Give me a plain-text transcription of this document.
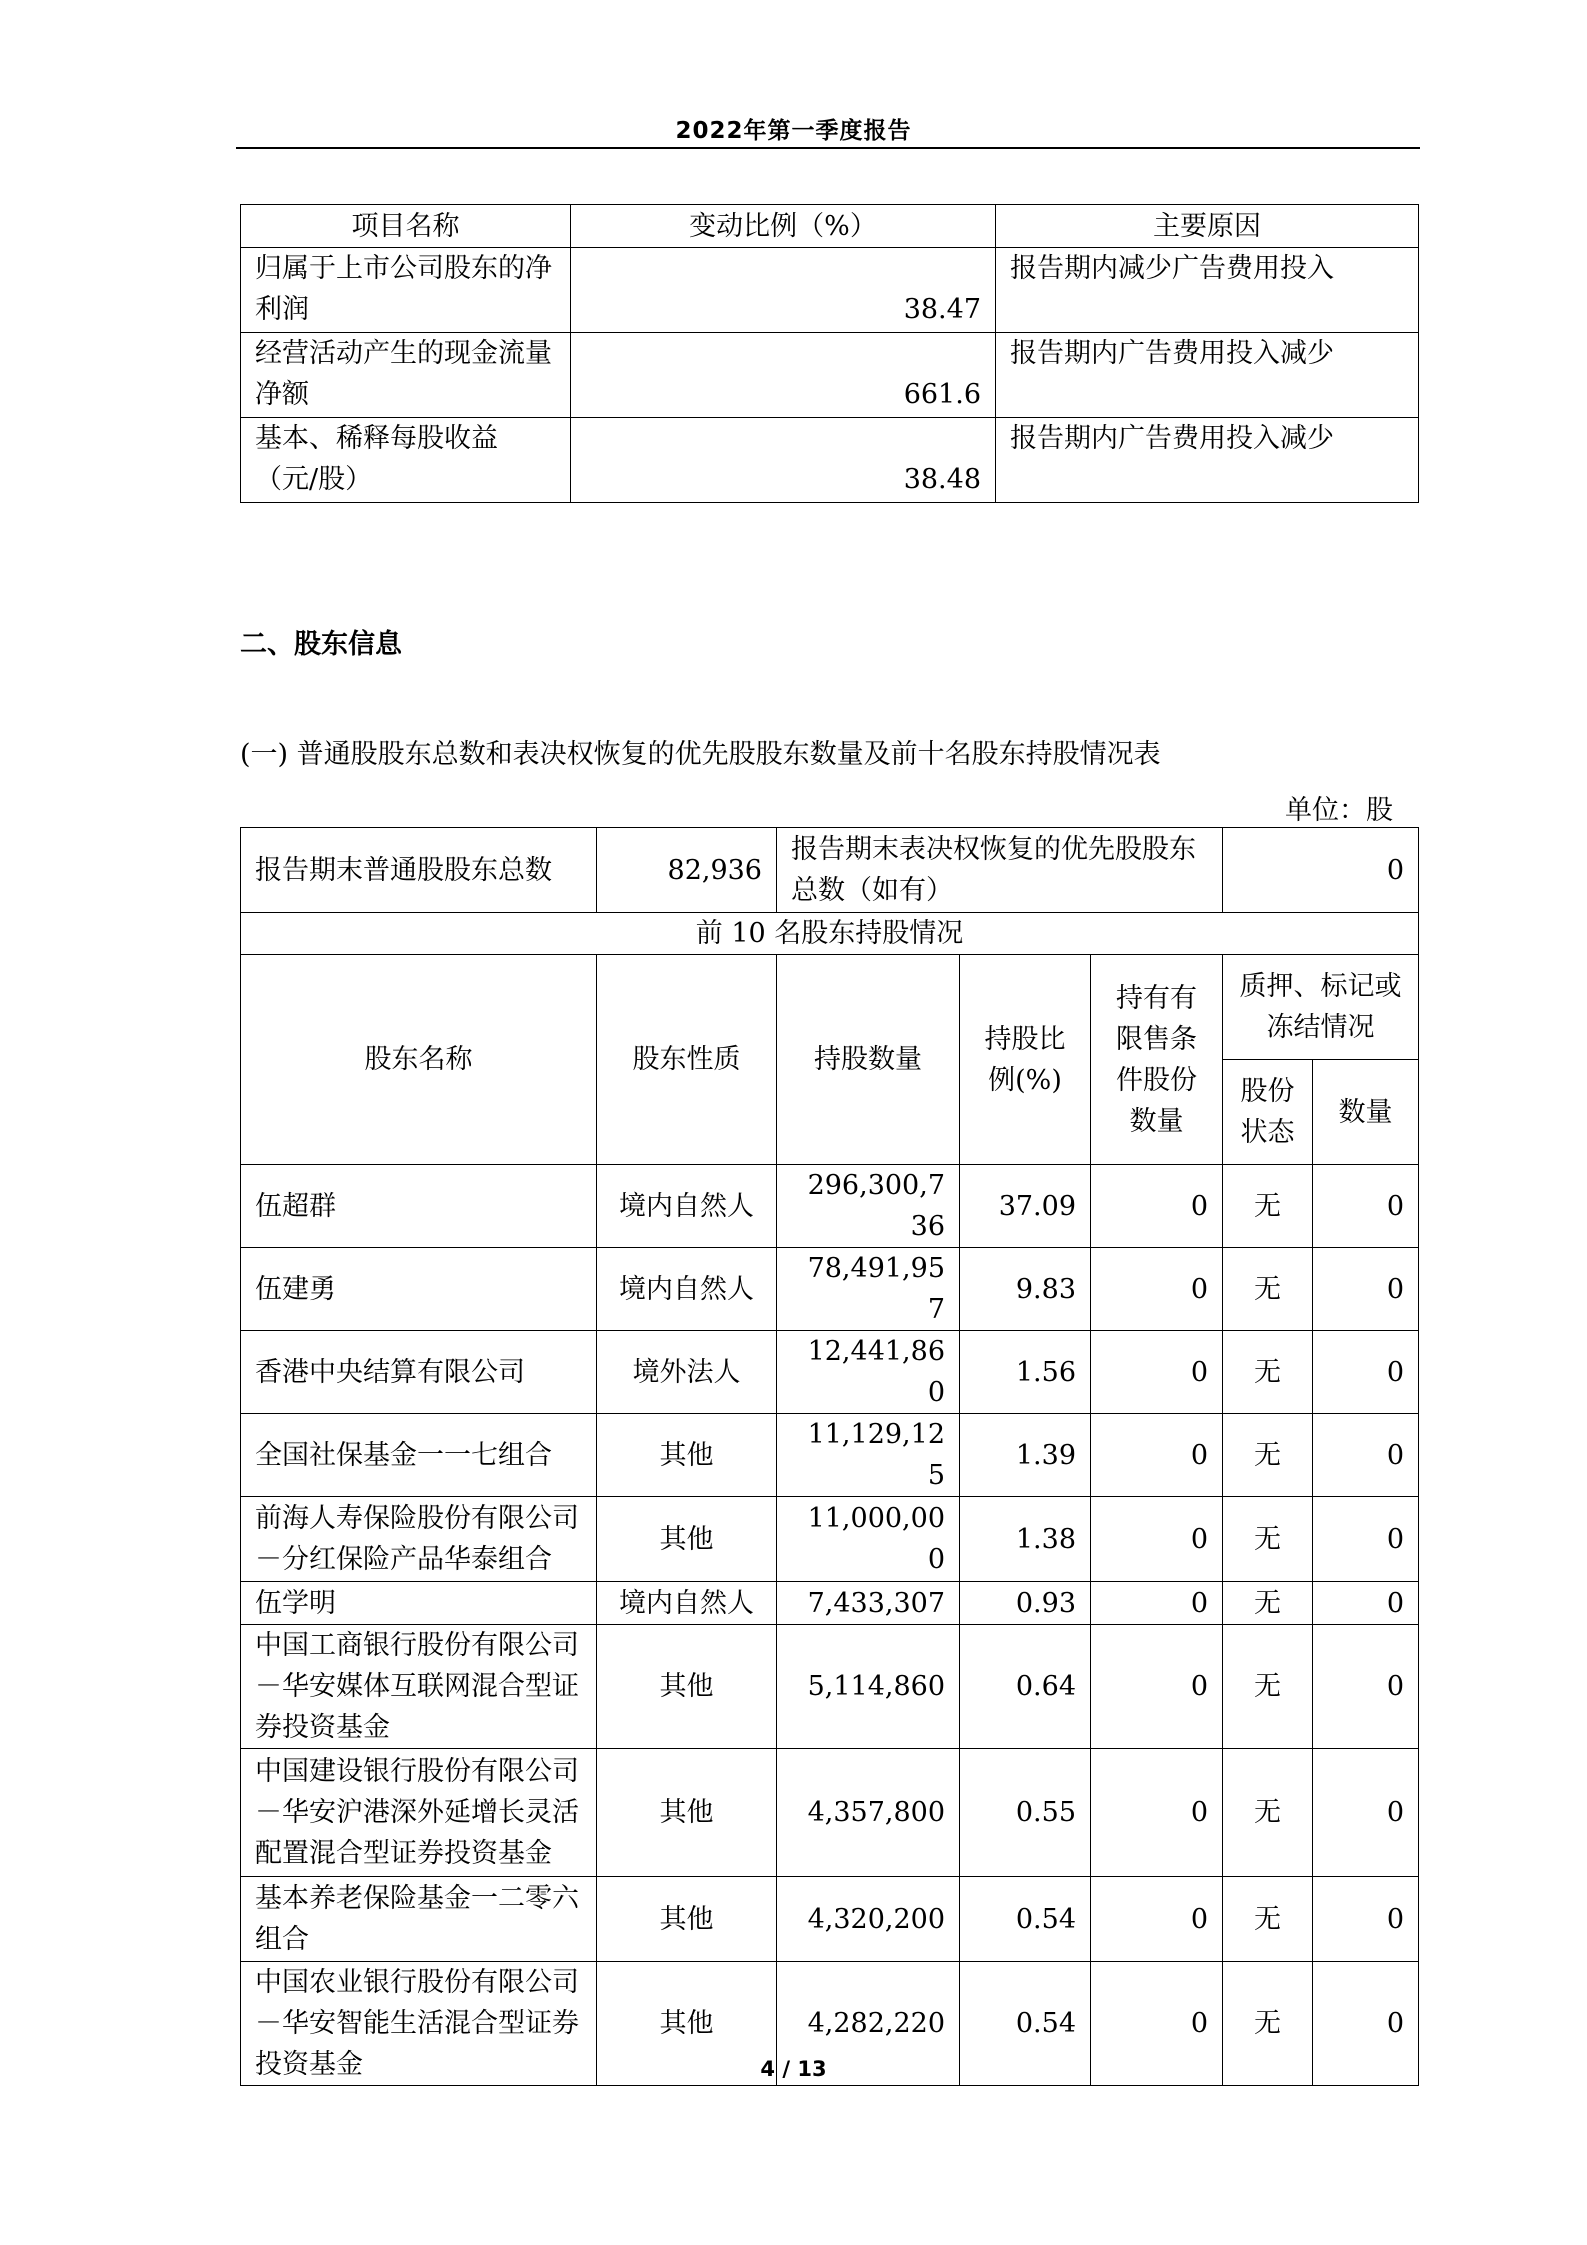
2022年第一季度报告
项目名称	变动比例（%）	主要原因
归属于上市公司股东的净利润	38.47	报告期内减少广告费用投入
经营活动产生的现金流量净额	661.6	报告期内广告费用投入减少
基本、稀释每股收益（元/股）	38.48	报告期内广告费用投入减少
二、股东信息
(一) 普通股股东总数和表决权恢复的优先股股东数量及前十名股东持股情况表
单位：股
报告期末普通股股东总数	82,936	报告期末表决权恢复的优先股股东总数（如有）			0	
前 10 名股东持股情况						
股东名称	股东性质	持股数量	持股比例(%)	持有有限售条件股份数量	质押、标记或冻结情况	
					股份状态	数量
伍超群	境内自然人	296,300,736	37.09	0	无	0
伍建勇	境内自然人	78,491,957	9.83	0	无	0
香港中央结算有限公司	境外法人	12,441,860	1.56	0	无	0
全国社保基金一一七组合	其他	11,129,125	1.39	0	无	0
前海人寿保险股份有限公司－分红保险产品华泰组合	其他	11,000,000	1.38	0	无	0
伍学明	境内自然人	7,433,307	0.93	0	无	0
中国工商银行股份有限公司－华安媒体互联网混合型证券投资基金	其他	5,114,860	0.64	0	无	0
中国建设银行股份有限公司－华安沪港深外延增长灵活配置混合型证券投资基金	其他	4,357,800	0.55	0	无	0
基本养老保险基金一二零六组合	其他	4,320,200	0.54	0	无	0
中国农业银行股份有限公司－华安智能生活混合型证券投资基金	其他	4,282,220	0.54	0	无	0
4 / 13
